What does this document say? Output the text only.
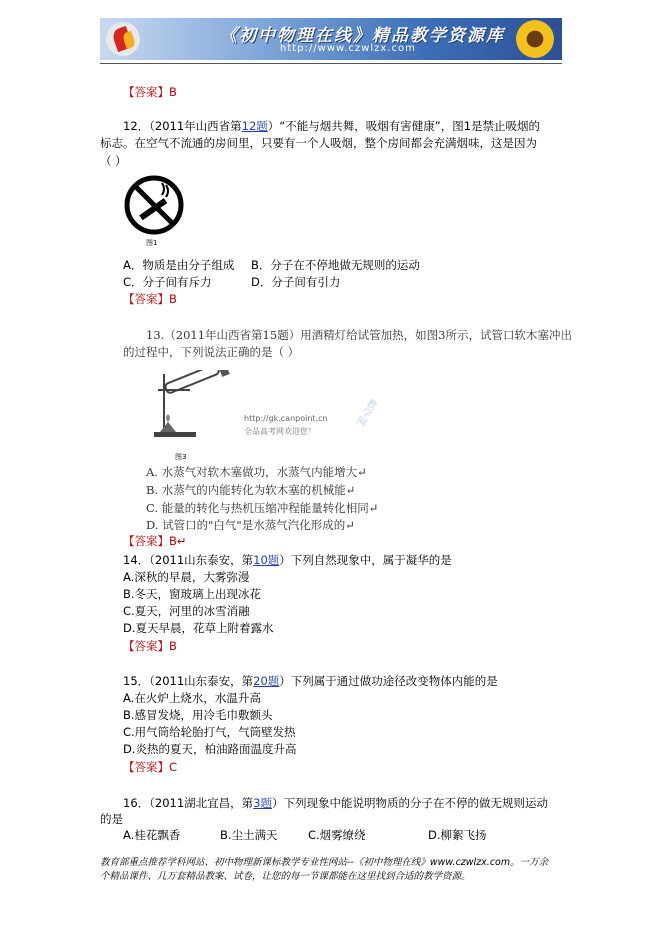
《初中物理在线》精品教学资源库
http://www.czwlzx.com
【答案】B
12．（2011年山西省第12题）“不能与烟共舞，吸烟有害健康”，图1是禁止吸烟的
标志。在空气不流通的房间里，只要有一个人吸烟，整个房间都会充满烟味，这是因为
（ ）
图1
A．物质是由分子组成 B．分子在不停地做无规则的运动
C．分子间有斥力	D．分子间有引力
【答案】B
13.（2011年山西省第15题）用酒精灯给试管加热，如图3所示，试管口软木塞冲出
的过程中，下列说法正确的是（ ）
图3
http://gk.canpoint.cn
全品高考网欢迎您！
教学网
A. 水蒸气对软木塞做功，水蒸气内能增大↵
B. 水蒸气的内能转化为软木塞的机械能↵
C. 能量的转化与热机压缩冲程能量转化相同↵
D. 试管口的"白气"是水蒸气汽化形成的↵
【答案】B↵
14．（2011山东泰安，第10题）下列自然现象中，属于凝华的是
A.深秋的早晨，大雾弥漫
B.冬天，窗玻璃上出现冰花
C.夏天，河里的冰雪消融
D.夏天早晨，花草上附着露水
【答案】B
15．（2011山东泰安，第20题）下列属于通过做功途径改变物体内能的是
A.在火炉上烧水，水温升高
B.感冒发烧，用冷毛巾敷额头
C.用气筒给轮胎打气，气筒壁发热
D.炎热的夏天，柏油路面温度升高
【答案】C
16．（2011湖北宜昌，第3题）下列现象中能说明物质的分子在不停的做无规则运动
的是
A.桂花飘香	B.尘土满天	C.烟雾缭绕	D.柳絮飞扬
教育部重点推荐学科网站、初中物理新课标教学专业性网站--《初中物理在线》www.czwlzx.com。一万余
个精品课件、几万套精品教案、试卷，让您的每一节课都能在这里找到合适的教学资源。
